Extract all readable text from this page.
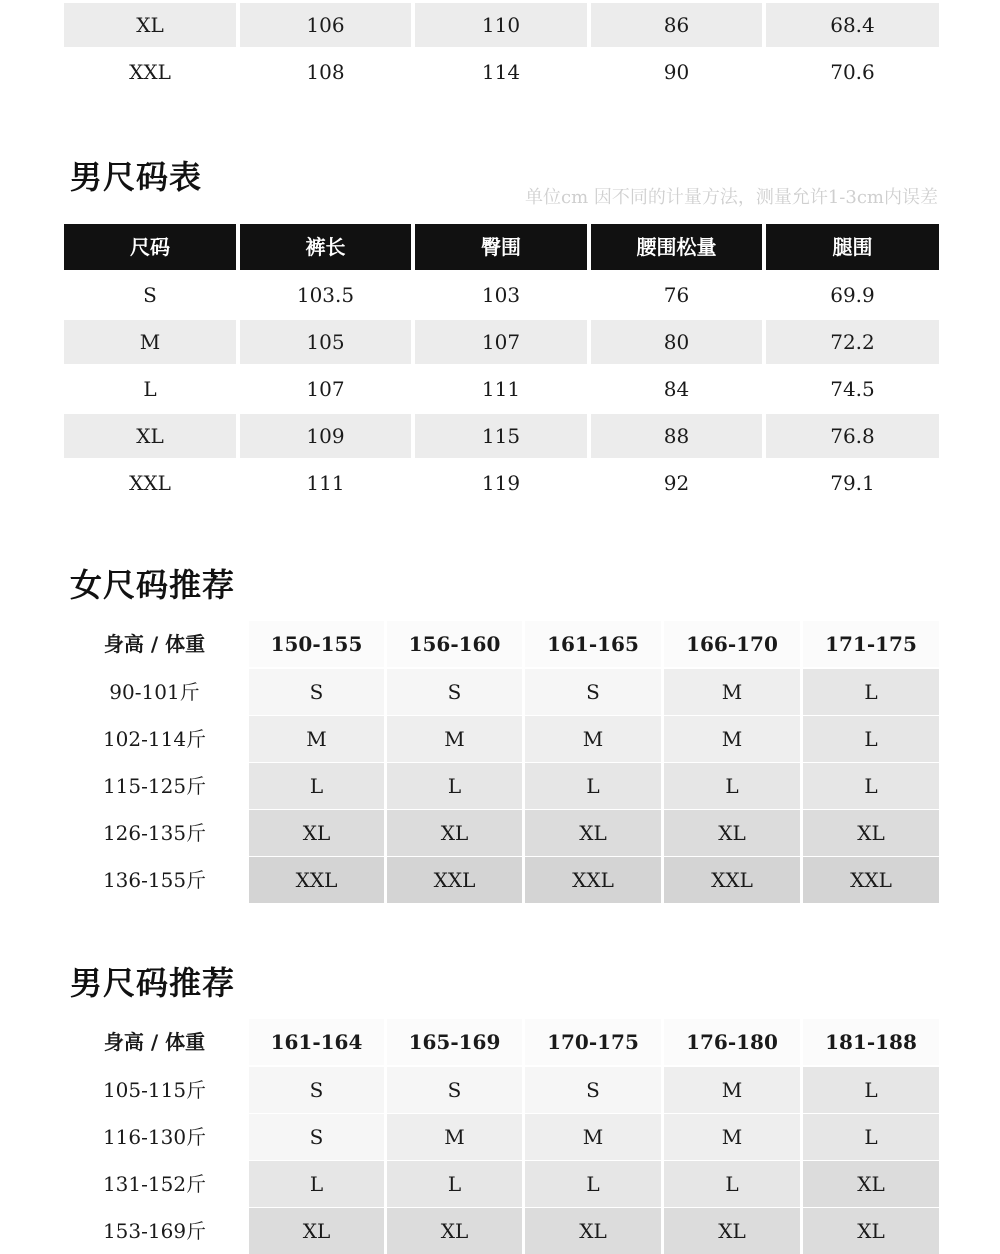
XL	106	110	86	68.4
XXL	108	114	90	70.6
男尺码表
单位cm 因不同的计量方法，测量允许1-3cm内误差
尺码	裤长	臀围	腰围松量	腿围
S	103.5	103	76	69.9
M	105	107	80	72.2
L	107	111	84	74.5
XL	109	115	88	76.8
XXL	111	119	92	79.1
女尺码推荐
身高 / 体重	150-155	156-160	161-165	166-170	171-175
90-101斤	S	S	S	M	L
102-114斤	M	M	M	M	L
115-125斤	L	L	L	L	L
126-135斤	XL	XL	XL	XL	XL
136-155斤	XXL	XXL	XXL	XXL	XXL
男尺码推荐
身高 / 体重	161-164	165-169	170-175	176-180	181-188
105-115斤	S	S	S	M	L
116-130斤	S	M	M	M	L
131-152斤	L	L	L	L	XL
153-169斤	XL	XL	XL	XL	XL
